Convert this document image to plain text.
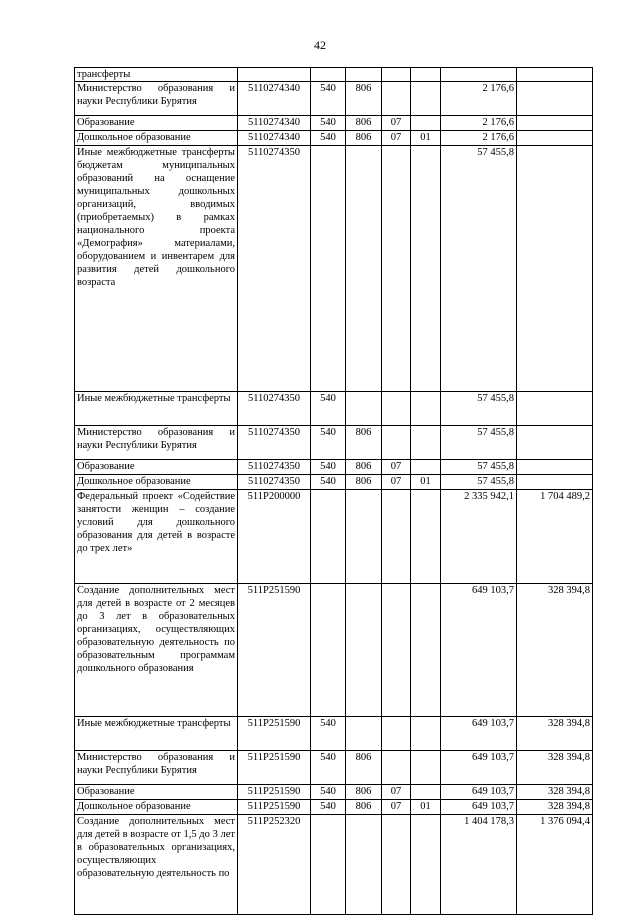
42
трансферты							
Министерство образования и науки Республики Бурятия	5110274340	540	806			2 176,6	
Образование	5110274340	540	806	07		2 176,6	
Дошкольное образование	5110274340	540	806	07	01	2 176,6	
Иные межбюджетные трансферты бюджетам муниципальных образований на оснащение муниципальных дошкольных организаций, вводимых (приобретаемых) в рамках национального проекта «Демография» материалами, оборудованием и инвентарем для развития детей дошкольного возраста	5110274350					57 455,8	
Иные межбюджетные трансферты	5110274350	540				57 455,8	
Министерство образования и науки Республики Бурятия	5110274350	540	806			57 455,8	
Образование	5110274350	540	806	07		57 455,8	
Дошкольное образование	5110274350	540	806	07	01	57 455,8	
Федеральный проект «Содействие занятости женщин – создание условий для дошкольного образования для детей в возрасте до трех лет»	511P200000					2 335 942,1	1 704 489,2
Создание дополнительных мест для детей в возрасте от 2 месяцев до 3 лет в образовательных организациях, осуществляющих образовательную деятельность по образовательным программам дошкольного образования	511P251590					649 103,7	328 394,8
Иные межбюджетные трансферты	511P251590	540				649 103,7	328 394,8
Министерство образования и науки Республики Бурятия	511P251590	540	806			649 103,7	328 394,8
Образование	511P251590	540	806	07		649 103,7	328 394,8
Дошкольное образование	511P251590	540	806	07	01	649 103,7	328 394,8
Создание дополнительных мест для детей в возрасте от 1,5 до 3 лет в образовательных организациях, осуществляющих образовательную деятельность по	511P252320					1 404 178,3	1 376 094,4
